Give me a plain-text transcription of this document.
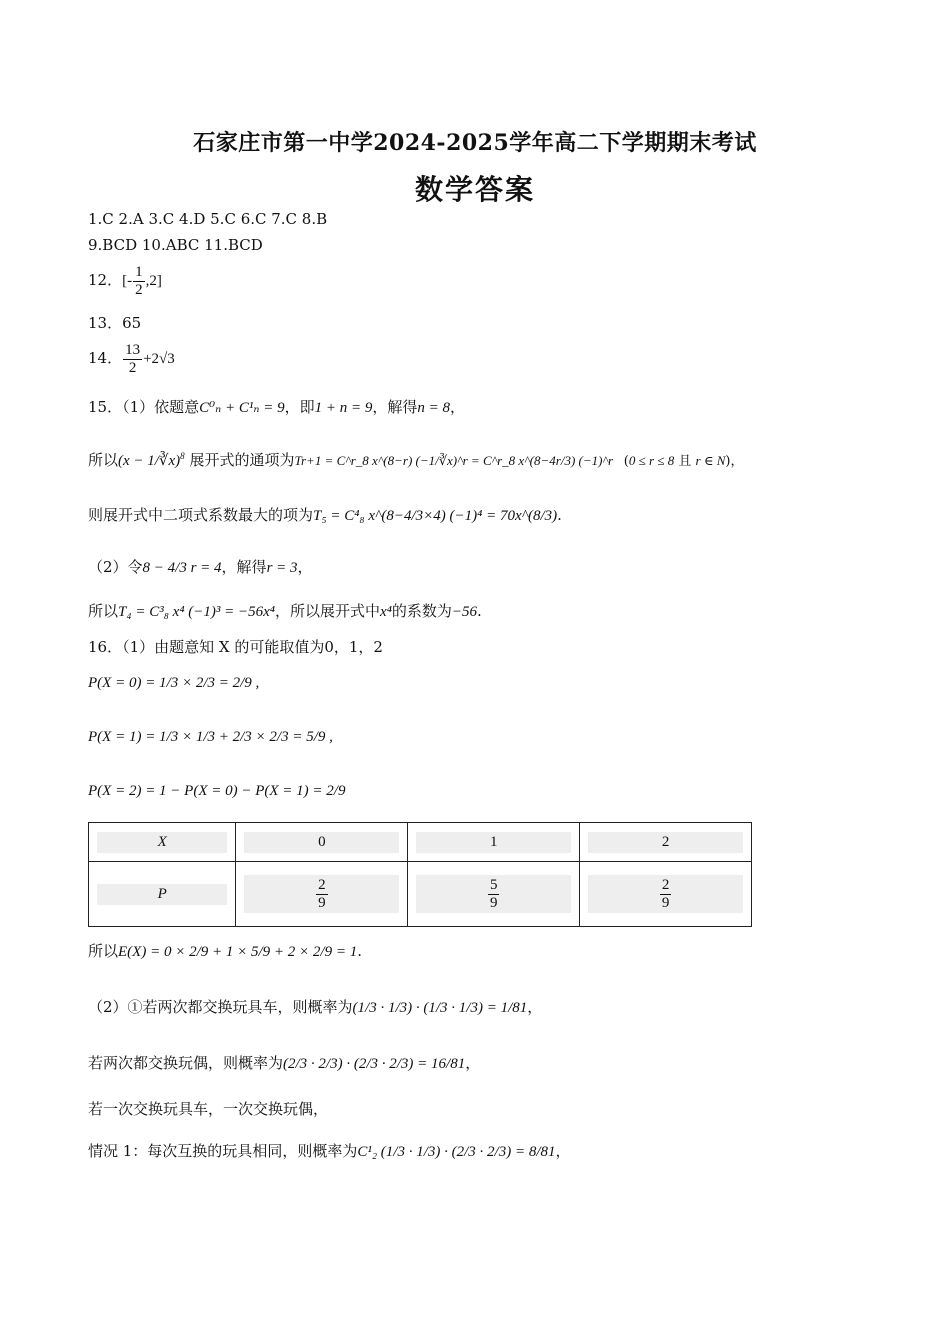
石家庄市第一中学2024-2025学年高二下学期期末考试
数学答案
1.C 2.A 3.C 4.D 5.C 6.C 7.C 8.B
9.BCD 10.ABC 11.BCD
12．[- $\frac{1}{2} ,2$]
13．65
14． $\frac{13}{2} +2√3$
15．（1）依题意C⁰ₙ + C¹ₙ = 9，即1 + n = 9，解得n = 8，
所以(x − 1/∛x)$^8$ 展开式的通项为Tr+1 = C^r_8 x^(8−r) (−1/∛x)^r = C^r_8 x^(8−4r/3) (−1)^r (0 ≤ r ≤ 8 且 r ∈ N)，
则展开式中二项式系数最大的项为T₅ = C⁴₈ x^(8−4/3×4) (−1)⁴ = 70x^(8/3).
（2）令8 − 4/3 r = 4，解得r = 3，
所以T₄ = C³₈ x⁴ (−1)³ = −56x⁴，所以展开式中x⁴的系数为−56.
16．（1）由题意知 X 的可能取值为0，1，2
P(X = 0) = 1/3 × 2/3 = 2/9 ,
P(X = 1) = 1/3 × 1/3 + 2/3 × 2/3 = 5/9 ,
P(X = 2) = 1 − P(X = 0) − P(X = 1) = 2/9
X	0	1	2

P	$\frac{2}{9}$	$\frac{5}{9}$	$\frac{2}{9}$
所以E(X) = 0 × 2/9 + 1 × 5/9 + 2 × 2/9 = 1.
（2）①若两次都交换玩具车，则概率为(1/3 · 1/3) · (1/3 · 1/3) = 1/81，
若两次都交换玩偶，则概率为(2/3 · 2/3) · (2/3 · 2/3) = 16/81，
若一次交换玩具车，一次交换玩偶，
情况 1：每次互换的玩具相同，则概率为C¹₂ (1/3 · 1/3) · (2/3 · 2/3) = 8/81，
